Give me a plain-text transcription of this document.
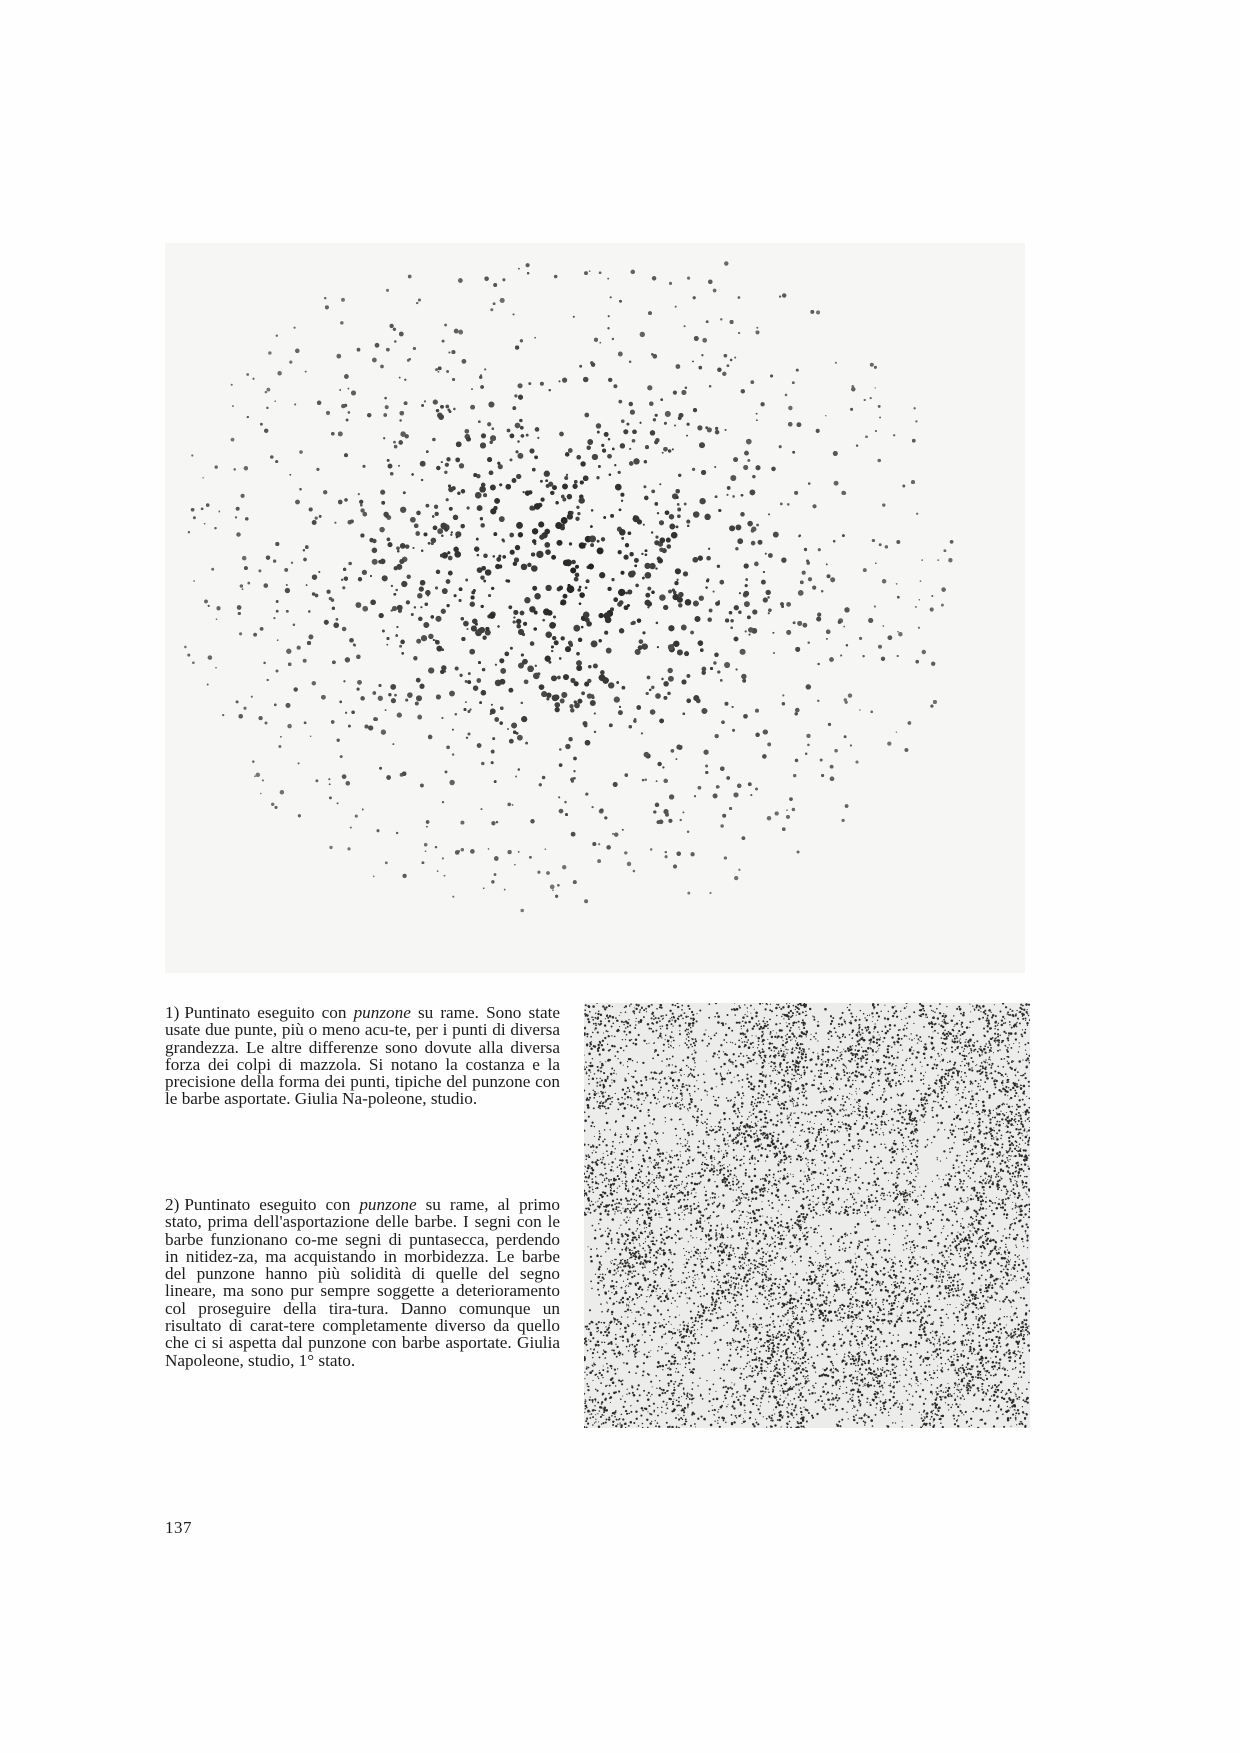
1) Puntinato eseguito con punzone su rame. Sono state usate due punte, più o meno acu-te, per i punti di diversa grandezza. Le altre differenze sono dovute alla diversa forza dei colpi di mazzola. Si notano la costanza e la precisione della forma dei punti, tipiche del punzone con le barbe asportate. Giulia Na-poleone, studio.

2) Puntinato eseguito con punzone su rame, al primo stato, prima dell'asportazione delle barbe. I segni con le barbe funzionano co-me segni di puntasecca, perdendo in nitidez-za, ma acquistando in morbidezza. Le barbe del punzone hanno più solidità di quelle del segno lineare, ma sono pur sempre soggette a deterioramento col proseguire della tira-tura. Danno comunque un risultato di carat-tere completamente diverso da quello che ci si aspetta dal punzone con barbe asportate. Giulia Napoleone, studio, 1° stato.

137
